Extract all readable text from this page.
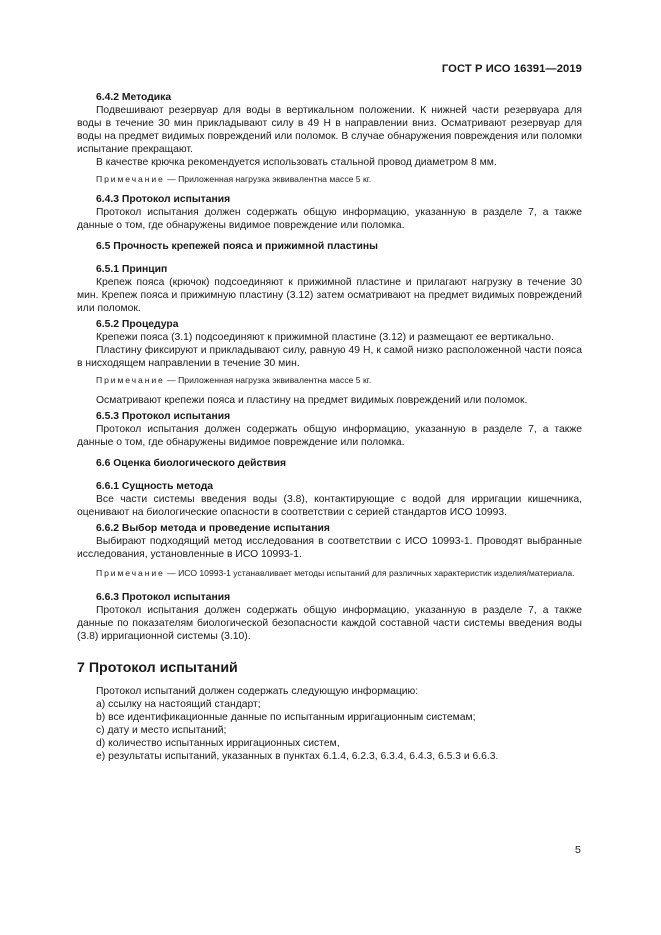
ГОСТ Р ИСО 16391—2019

6.4.2 Методика

Подвешивают резервуар для воды в вертикальном положении. К нижней части резервуара для воды в течение 30 мин прикладывают силу в 49 Н в направлении вниз. Осматривают резервуар для воды на предмет видимых повреждений или поломок. В случае обнаружения повреждения или поломки испытание прекращают.

В качестве крючка рекомендуется использовать стальной провод диаметром 8 мм.

Примечание — Приложенная нагрузка эквивалентна массе 5 кг.

6.4.3 Протокол испытания

Протокол испытания должен содержать общую информацию, указанную в разделе 7, а также данные о том, где обнаружены видимое повреждение или поломка.

6.5 Прочность крепежей пояса и прижимной пластины

6.5.1 Принцип

Крепеж пояса (крючок) подсоединяют к прижимной пластине и прилагают нагрузку в течение 30 мин. Крепеж пояса и прижимную пластину (3.12) затем осматривают на предмет видимых повреждений или поломок.

6.5.2 Процедура

Крепежи пояса (3.1) подсоединяют к прижимной пластине (3.12) и размещают ее вертикально.

Пластину фиксируют и прикладывают силу, равную 49 Н, к самой низко расположенной части пояса в нисходящем направлении в течение 30 мин.

Примечание — Приложенная нагрузка эквивалентна массе 5 кг.

Осматривают крепежи пояса и пластину на предмет видимых повреждений или поломок.

6.5.3 Протокол испытания

Протокол испытания должен содержать общую информацию, указанную в разделе 7, а также данные о том, где обнаружены видимое повреждение или поломка.

6.6 Оценка биологического действия

6.6.1 Сущность метода

Все части системы введения воды (3.8), контактирующие с водой для ирригации кишечника, оценивают на биологические опасности в соответствии с серией стандартов ИСО 10993.

6.6.2 Выбор метода и проведение испытания

Выбирают подходящий метод исследования в соответствии с ИСО 10993-1. Проводят выбранные исследования, установленные в ИСО 10993-1.

Примечание — ИСО 10993-1 устанавливает методы испытаний для различных характеристик изделия/материала.

6.6.3 Протокол испытания

Протокол испытания должен содержать общую информацию, указанную в разделе 7, а также данные по показателям биологической безопасности каждой составной части системы введения воды (3.8) ирригационной системы (3.10).

7 Протокол испытаний

Протокол испытаний должен содержать следующую информацию:

a) ссылку на настоящий стандарт;

b) все идентификационные данные по испытанным ирригационным системам;

c) дату и место испытаний;

d) количество испытанных ирригационных систем,

e) результаты испытаний, указанных в пунктах 6.1.4, 6.2.3, 6.3.4, 6.4.3, 6.5.3 и 6.6.3.

5
